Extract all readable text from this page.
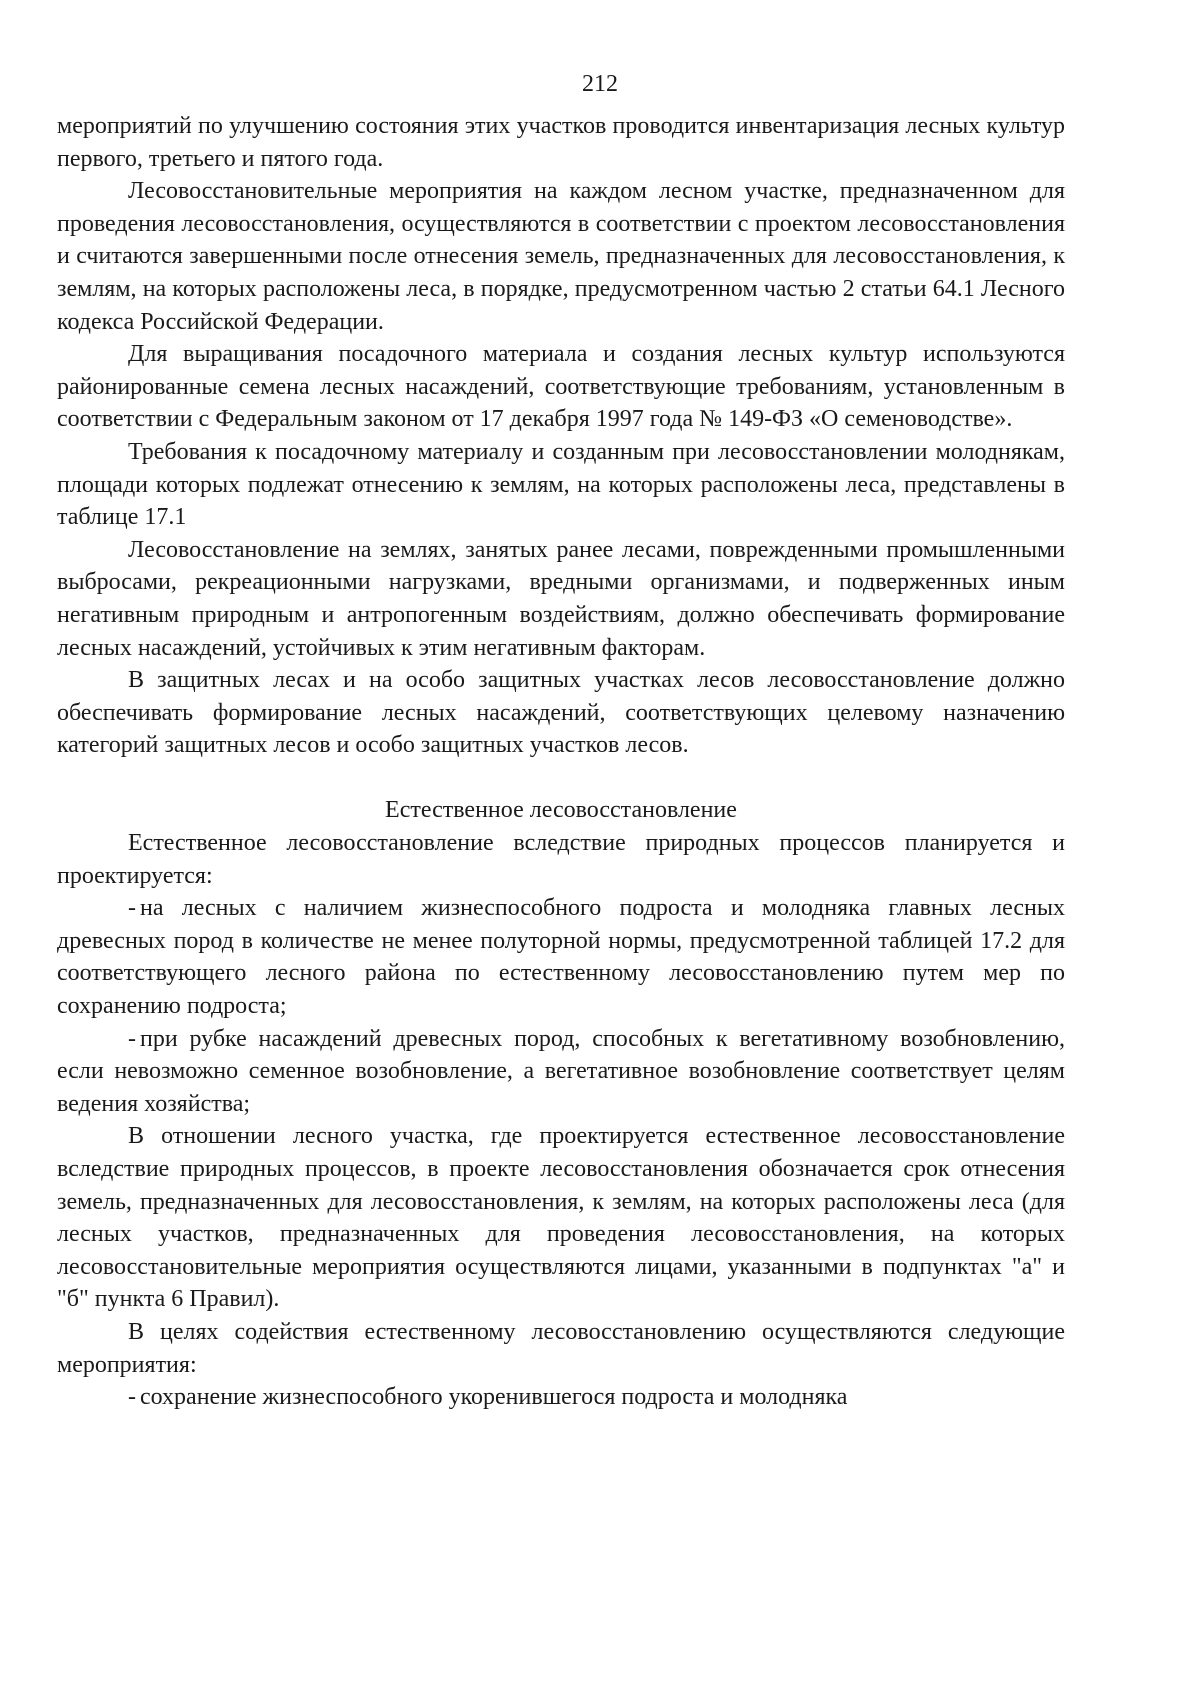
212

мероприятий по улучшению состояния этих участков проводится инвентаризация лесных культур первого, третьего и пятого года.

Лесовосстановительные мероприятия на каждом лесном участке, предназначенном для проведения лесовосстановления, осуществляются в соответствии с проектом лесовосстановления и считаются завершенными после отнесения земель, предназначенных для лесовосстановления, к землям, на которых расположены леса, в порядке, предусмотренном частью 2 статьи 64.1 Лесного кодекса Российской Федерации.

Для выращивания посадочного материала и создания лесных культур используются районированные семена лесных насаждений, соответствующие требованиям, установленным в соответствии с Федеральным законом от 17 декабря 1997 года № 149-ФЗ «О семеноводстве».

Требования к посадочному материалу и созданным при лесовосстановлении молоднякам, площади которых подлежат отнесению к землям, на которых расположены леса, представлены в таблице 17.1

Лесовосстановление на землях, занятых ранее лесами, поврежденными промышленными выбросами, рекреационными нагрузками, вредными организмами, и подверженных иным негативным природным и антропогенным воздействиям, должно обеспечивать формирование лесных насаждений, устойчивых к этим негативным факторам.

В защитных лесах и на особо защитных участках лесов лесовосстановление должно обеспечивать формирование лесных насаждений, соответствующих целевому назначению категорий защитных лесов и особо защитных участков лесов.

Естественное лесовосстановление

Естественное лесовосстановление вследствие природных процессов планируется и проектируется:

- на лесных с наличием жизнеспособного подроста и молодняка главных лесных древесных пород в количестве не менее полуторной нормы, предусмотренной таблицей 17.2 для соответствующего лесного района по естественному лесовосстановлению путем мер по сохранению подроста;

- при рубке насаждений древесных пород, способных к вегетативному возобновлению, если невозможно семенное возобновление, а вегетативное возобновление соответствует целям ведения хозяйства;

В отношении лесного участка, где проектируется естественное лесовосстановление вследствие природных процессов, в проекте лесовосстановления обозначается срок отнесения земель, предназначенных для лесовосстановления, к землям, на которых расположены леса (для лесных участков, предназначенных для проведения лесовосстановления, на которых лесовосстановительные мероприятия осуществляются лицами, указанными в подпунктах "а" и "б" пункта 6 Правил).

В целях содействия естественному лесовосстановлению осуществляются следующие мероприятия:

- сохранение жизнеспособного укоренившегося подроста и молодняка
